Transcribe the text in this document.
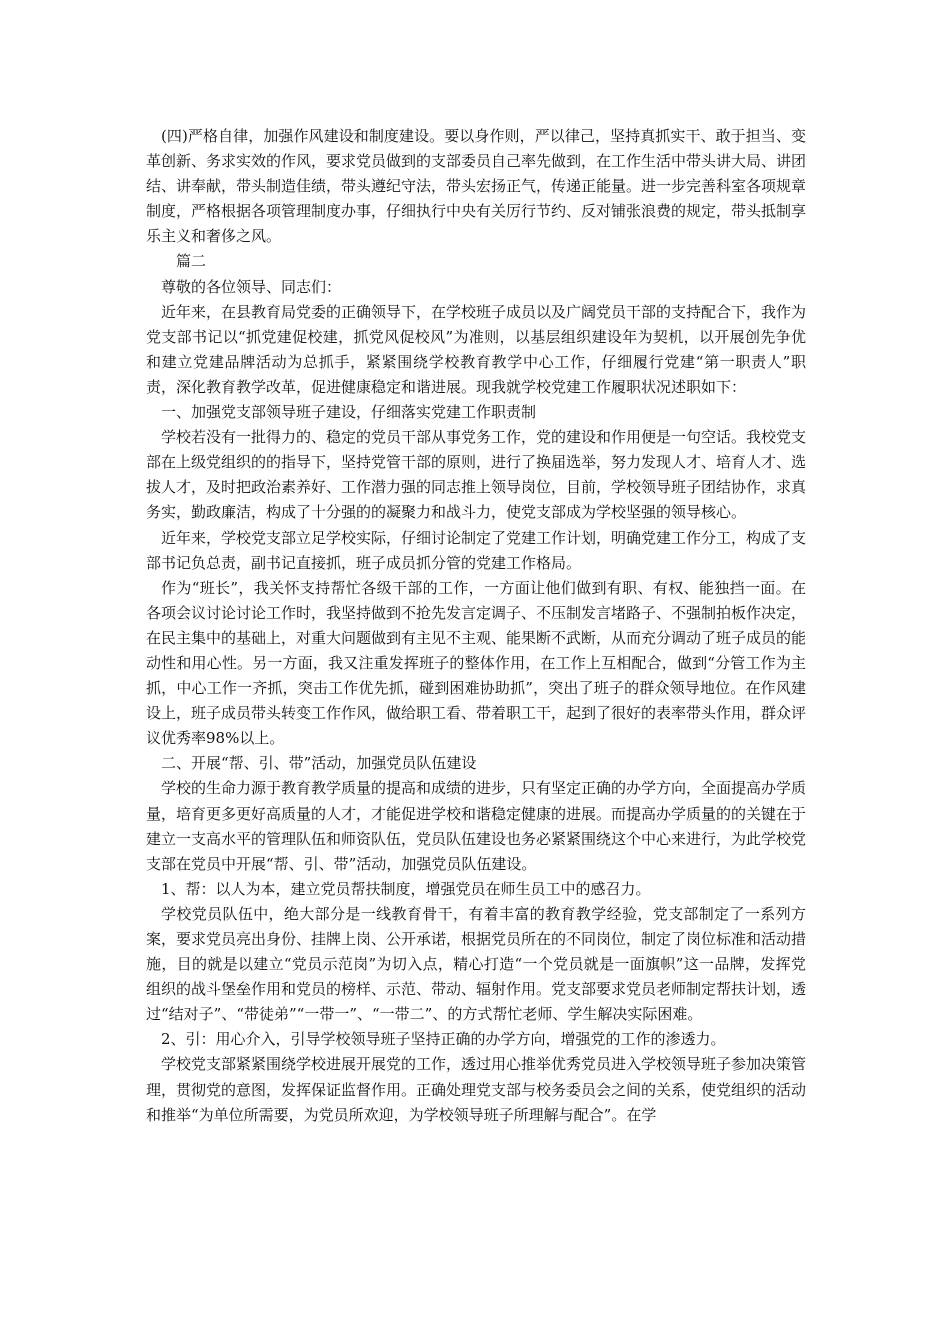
(四)严格自律，加强作风建设和制度建设。要以身作则，严以律己，坚持真抓实干、敢于担当、变革创新、务求实效的作风，要求党员做到的支部委员自己率先做到，在工作生活中带头讲大局、讲团结、讲奉献，带头制造佳绩，带头遵纪守法，带头宏扬正气，传递正能量。进一步完善科室各项规章制度，严格根据各项管理制度办事，仔细执行中央有关厉行节约、反对铺张浪费的规定，带头抵制享乐主义和奢侈之风。

篇二

尊敬的各位领导、同志们：

近年来，在县教育局党委的正确领导下，在学校班子成员以及广阔党员干部的支持配合下，我作为党支部书记以“抓党建促校建，抓党风促校风”为准则，以基层组织建设年为契机，以开展创先争优和建立党建品牌活动为总抓手，紧紧围绕学校教育教学中心工作，仔细履行党建“第一职责人”职责，深化教育教学改革，促进健康稳定和谐进展。现我就学校党建工作履职状况述职如下：

一、加强党支部领导班子建设，仔细落实党建工作职责制

学校若没有一批得力的、稳定的党员干部从事党务工作，党的建设和作用便是一句空话。我校党支部在上级党组织的的指导下，坚持党管干部的原则，进行了换届选举，努力发现人才、培育人才、选拔人才，及时把政治素养好、工作潜力强的同志推上领导岗位，目前，学校领导班子团结协作，求真务实，勤政廉洁，构成了十分强的的凝聚力和战斗力，使党支部成为学校坚强的领导核心。

近年来，学校党支部立足学校实际，仔细讨论制定了党建工作计划，明确党建工作分工，构成了支部书记负总责，副书记直接抓，班子成员抓分管的党建工作格局。

作为“班长”，我关怀支持帮忙各级干部的工作，一方面让他们做到有职、有权、能独挡一面。在各项会议讨论讨论工作时，我坚持做到不抢先发言定调子、不压制发言堵路子、不强制拍板作决定，在民主集中的基础上，对重大问题做到有主见不主观、能果断不武断，从而充分调动了班子成员的能动性和用心性。另一方面，我又注重发挥班子的整体作用，在工作上互相配合，做到“分管工作为主抓，中心工作一齐抓，突击工作优先抓，碰到困难协助抓”，突出了班子的群众领导地位。在作风建设上，班子成员带头转变工作作风，做给职工看、带着职工干，起到了很好的表率带头作用，群众评议优秀率98%以上。

二、开展“帮、引、带”活动，加强党员队伍建设

学校的生命力源于教育教学质量的提高和成绩的进步，只有坚定正确的办学方向，全面提高办学质量，培育更多更好高质量的人才，才能促进学校和谐稳定健康的进展。而提高办学质量的的关键在于建立一支高水平的管理队伍和师资队伍，党员队伍建设也务必紧紧围绕这个中心来进行，为此学校党支部在党员中开展“帮、引、带”活动，加强党员队伍建设。

1、帮：以人为本，建立党员帮扶制度，增强党员在师生员工中的感召力。

学校党员队伍中，绝大部分是一线教育骨干，有着丰富的教育教学经验，党支部制定了一系列方案，要求党员亮出身份、挂牌上岗、公开承诺，根据党员所在的不同岗位，制定了岗位标准和活动措施，目的就是以建立“党员示范岗”为切入点，精心打造“一个党员就是一面旗帜”这一品牌，发挥党组织的战斗堡垒作用和党员的榜样、示范、带动、辐射作用。党支部要求党员老师制定帮扶计划，透过“结对子”、“带徒弟”“一带一”、“一带二”、的方式帮忙老师、学生解决实际困难。

2、引：用心介入，引导学校领导班子坚持正确的办学方向，增强党的工作的渗透力。

学校党支部紧紧围绕学校进展开展党的工作，透过用心推举优秀党员进入学校领导班子参加决策管理，贯彻党的意图，发挥保证监督作用。正确处理党支部与校务委员会之间的关系，使党组织的活动和推举“为单位所需要，为党员所欢迎，为学校领导班子所理解与配合”。在学
